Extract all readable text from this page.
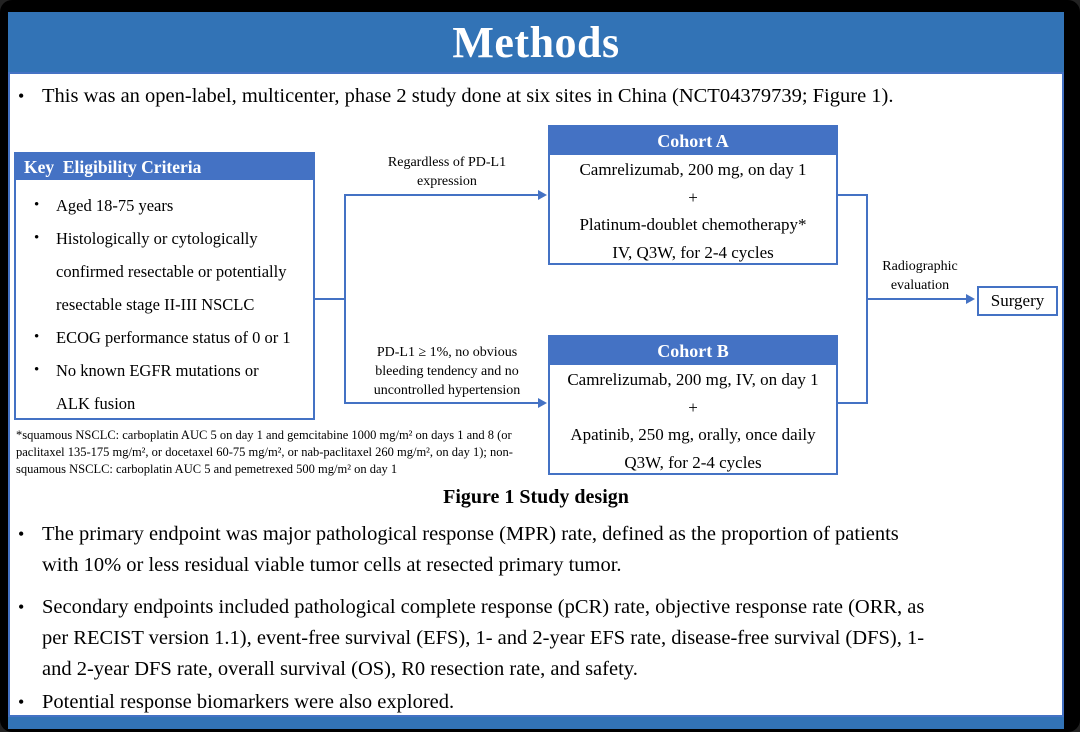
Methods
• This was an open-label, multicenter, phase 2 study done at six sites in China (NCT04379739; Figure 1).
Key  Eligibility Criteria
• Aged 18-75 years
• Histologically or cytologically
confirmed resectable or potentially
resectable stage II-III NSCLC
• ECOG performance status of 0 or 1
• No known EGFR mutations or
ALK fusion
Regardless of PD-L1
expression
PD-L1 ≥ 1%, no obvious
bleeding tendency and no
uncontrolled hypertension
Radiographic
evaluation
Cohort A
Camrelizumab, 200 mg, on day 1
+
Platinum-doublet chemotherapy*
IV, Q3W, for 2-4 cycles
Cohort B
Camrelizumab, 200 mg, IV, on day 1
+
Apatinib, 250 mg, orally, once daily
Q3W, for 2-4 cycles
Surgery
*squamous NSCLC: carboplatin AUC 5 on day 1 and gemcitabine 1000 mg/m² on days 1 and 8 (or
paclitaxel 135-175 mg/m², or docetaxel 60-75 mg/m², or nab-paclitaxel 260 mg/m², on day 1); non-
squamous NSCLC: carboplatin AUC 5 and pemetrexed 500 mg/m² on day 1
Figure 1 Study design
• The primary endpoint was major pathological response (MPR) rate, defined as the proportion of patients
with 10% or less residual viable tumor cells at resected primary tumor.
• Secondary endpoints included pathological complete response (pCR) rate, objective response rate (ORR, as
per RECIST version 1.1), event-free survival (EFS), 1- and 2-year EFS rate, disease-free survival (DFS), 1-
and 2-year DFS rate, overall survival (OS), R0 resection rate, and safety.
• Potential response biomarkers were also explored.
